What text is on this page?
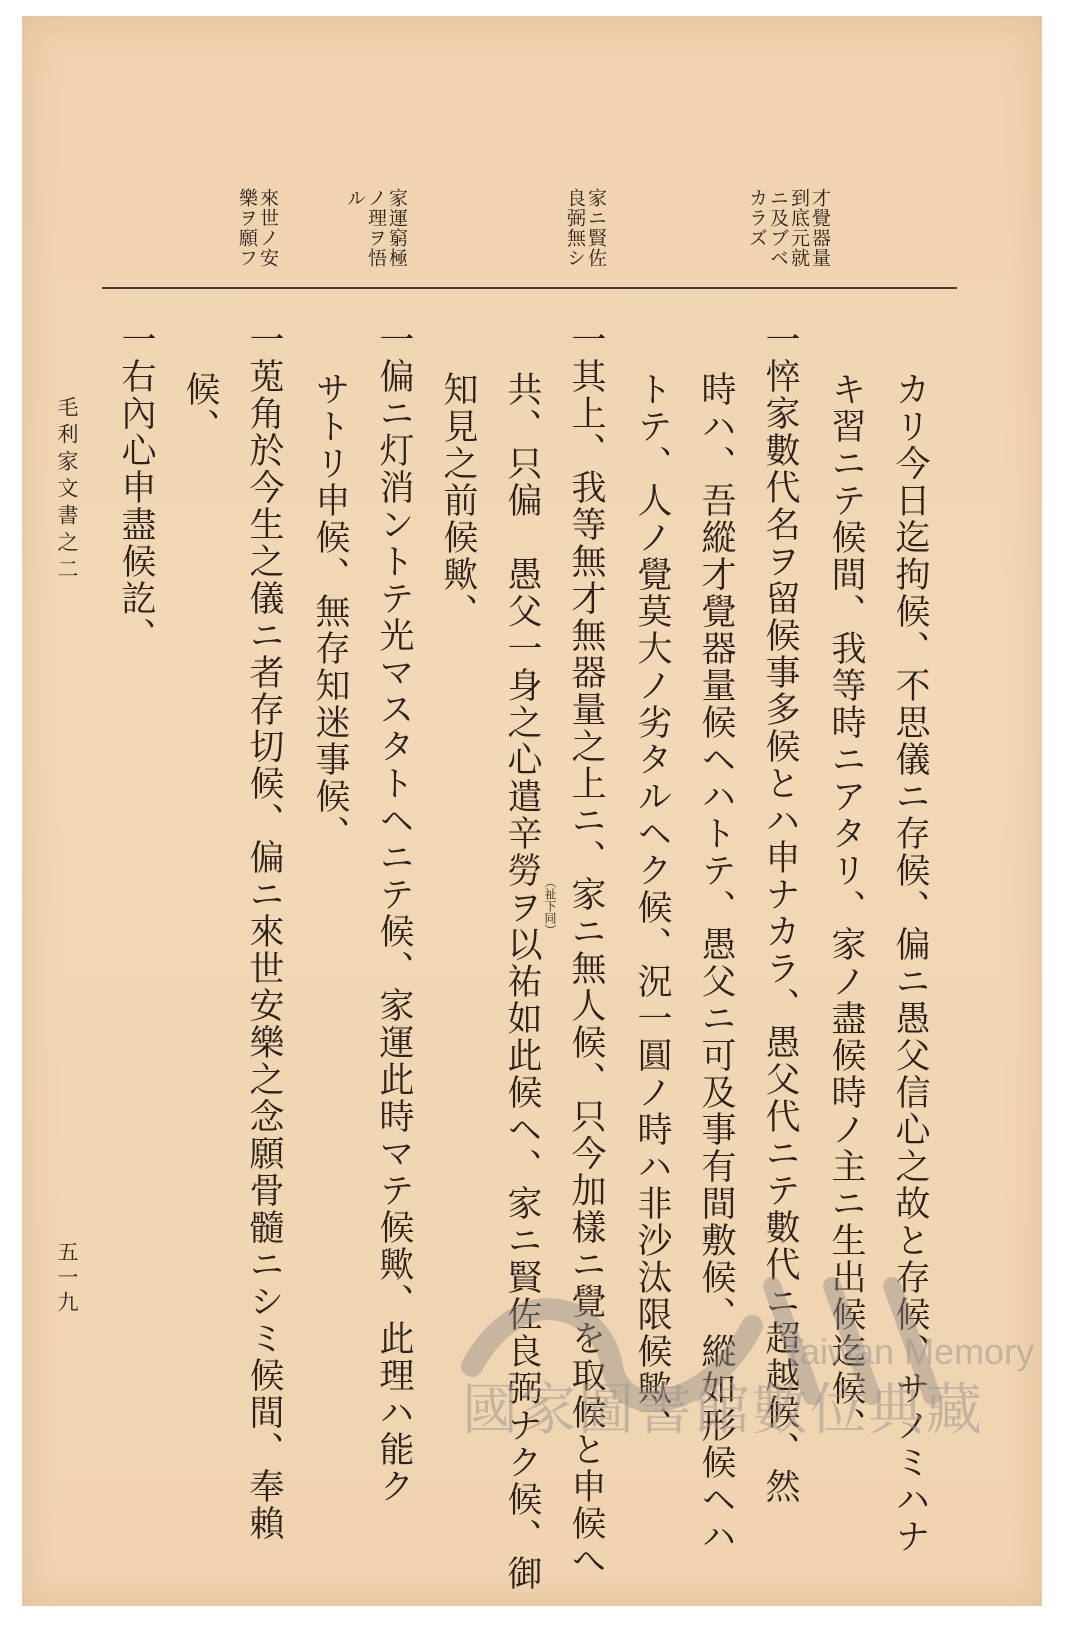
才覺器量

到底元就

ニ及ブベ

カラズ

家ニ賢佐

良弼無シ

家運窮極

ノ理ヲ悟

ル

來世ノ安

樂ヲ願フ

カリ今日迄拘候、不思儀ニ存候、偏ニ愚父信心之故と存候、サノミハナ

キ習ニテ候間、我等時ニアタリ、家ノ盡候時ノ主ニ生出候迄候、

一悴家數代名ヲ留候事多候とハ申ナカラ、愚父代ニテ數代ニ超越候、然

時ハ、吾縱才覺器量候ヘハトテ、愚父ニ可及事有間敷候、縱如形候ヘハ

トテ、人ノ覺莫大ノ劣タルヘク候、況一圓ノ時ハ非沙汰限候歟、

一其上、我等無才無器量之上ニ、家ニ無人候、只今加樣ニ覺を取候と申候へ

共、只偏　愚父一身之心遣辛勞ヲ以祐如此候ヘ、家ニ賢佐良弼ナク候、御

知見之前候歟、

一偏ニ灯消ントテ光マスタトヘニテ候、家運此時マテ候歟、此理ハ能ク

サトリ申候、無存知迷事候、

一莵角於今生之儀ニ者存切候、偏ニ來世安樂之念願骨髓ニシミ候間、奉賴

候、

一右內心申盡候訖、

（祉下同）

毛利家文書之二

五一九

Taiwan Memory
國家圖書館數位典藏
